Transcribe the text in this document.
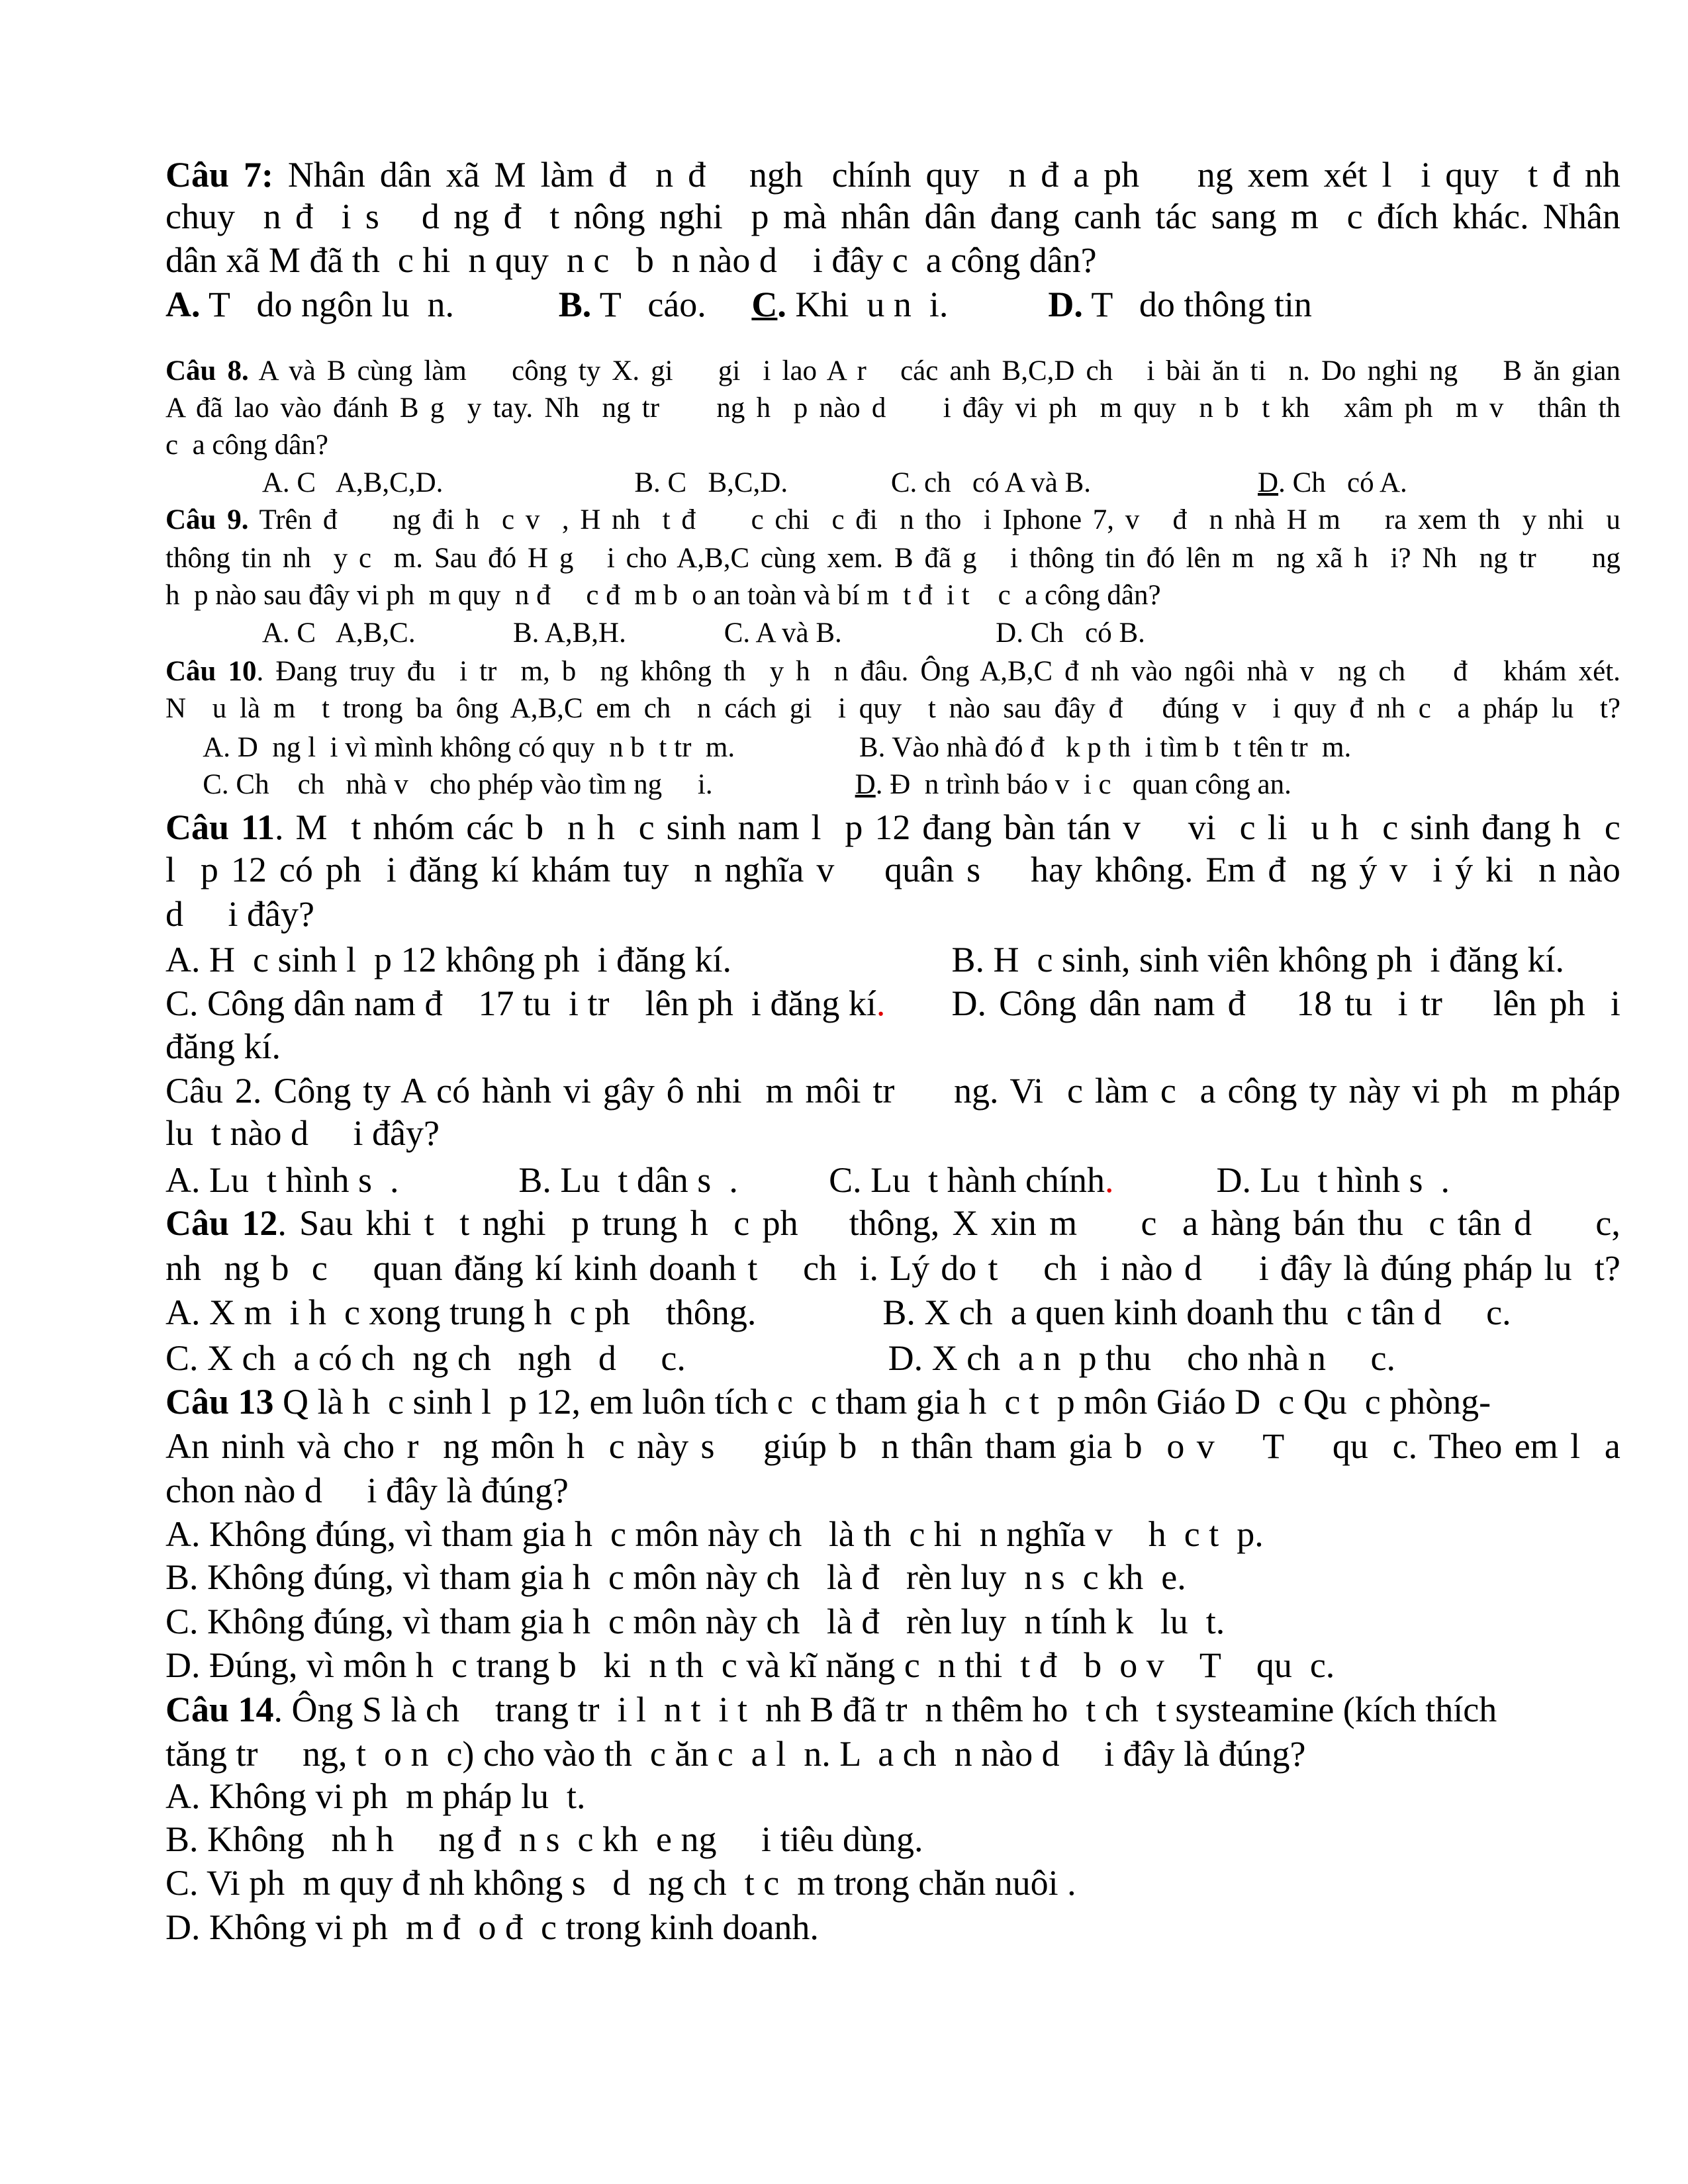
Câu 7: Nhân dân xã M làm đ  n đ   ngh  chính quy  n đ a ph    ng xem xét l  i quy  t đ nh
chuy  n đ  i s   d ng đ  t nông nghi  p mà nhân dân đang canh tác sang m  c đích khác. Nhân
dân xã M đã th  c hi  n quy  n c   b  n nào d    i đây c  a công dân?
A. T   do ngôn lu  n.	B. T   cáo. C. Khi  u n  i.	D. T   do thông tin
Câu 8. A và B cùng làm    công ty X. gi    gi  i lao A r   các anh B,C,D ch   i bài ăn ti  n. Do nghi ng    B ăn gian
A đã lao vào đánh B g  y tay. Nh  ng tr     ng h  p nào d     i đây vi ph  m quy  n b  t kh   xâm ph  m v   thân th
c  a công dân?
A. C   A,B,C,D.	B. C   B,C,D.	C. ch   có A và B.	D. Ch   có A.
Câu 9. Trên đ     ng đi h  c v  , H nh  t đ     c chi  c đi  n tho  i Iphone 7, v   đ  n nhà H m    ra xem th  y nhi  u
thông tin nh  y c  m. Sau đó H g   i cho A,B,C cùng xem. B đã g   i thông tin đó lên m  ng xã h  i? Nh  ng tr     ng
h  p nào sau đây vi ph  m quy  n đ     c đ  m b  o an toàn và bí m  t đ  i t    c  a công dân?
A. C   A,B,C.	B. A,B,H.	C. A và B.	D. Ch   có B.
Câu 10. Đang truy đu  i tr  m, b  ng không th  y h  n đâu. Ông A,B,C đ nh vào ngôi nhà v  ng ch    đ   khám xét.
N  u là m  t trong ba ông A,B,C em ch  n cách gi  i quy  t nào sau đây đ   đúng v  i quy đ nh c  a pháp lu  t?
A. D  ng l  i vì mình không có quy  n b  t tr  m.	B. Vào nhà đó đ   k p th  i tìm b  t tên tr  m.
C. Ch    ch   nhà v   cho phép vào tìm ng     i.	D. Đ  n trình báo v  i c   quan công an.
Câu 11. M  t nhóm các b  n h  c sinh nam l  p 12 đang bàn tán v    vi  c li  u h  c sinh đang h  c
l  p 12 có ph  i đăng kí khám tuy  n nghĩa v    quân s    hay không. Em đ  ng ý v  i ý ki  n nào
d     i đây?
A. H  c sinh l  p 12 không ph  i đăng kí.	B. H  c sinh, sinh viên không ph  i đăng kí.
C. Công dân nam đ    17 tu  i tr    lên ph  i đăng kí. D. Công dân nam đ    18 tu  i tr    lên ph  i
đăng kí.
Câu 2. Công ty A có hành vi gây ô nhi  m môi tr     ng. Vi  c làm c  a công ty này vi ph  m pháp
lu  t nào d     i đây?
A. Lu  t hình s  .	B. Lu  t dân s  .	C. Lu  t hành chính.	D. Lu  t hình s  .
Câu 12. Sau khi t  t nghi  p trung h  c ph    thông, X xin m     c  a hàng bán thu  c tân d     c,
nh  ng b  c    quan đăng kí kinh doanh t    ch  i. Lý do t    ch  i nào d     i đây là đúng pháp lu  t?
A. X m  i h  c xong trung h  c ph    thông.	B. X ch  a quen kinh doanh thu  c tân d     c.
C. X ch  a có ch  ng ch   ngh   d     c.	D. X ch  a n  p thu    cho nhà n     c.
Câu 13 Q là h  c sinh l  p 12, em luôn tích c  c tham gia h  c t  p môn Giáo D  c Qu  c phòng-
An ninh và cho r  ng môn h  c này s    giúp b  n thân tham gia b  o v    T    qu  c. Theo em l  a
chon nào d     i đây là đúng?
A. Không đúng, vì tham gia h  c môn này ch   là th  c hi  n nghĩa v    h  c t  p.
B. Không đúng, vì tham gia h  c môn này ch   là đ   rèn luy  n s  c kh  e.
C. Không đúng, vì tham gia h  c môn này ch   là đ   rèn luy  n tính k   lu  t.
D. Đúng, vì môn h  c trang b   ki  n th  c và kĩ năng c  n thi  t đ   b  o v    T    qu  c.
Câu 14. Ông S là ch    trang tr  i l  n t  i t  nh B đã tr  n thêm ho  t ch  t systeamine (kích thích
tăng tr     ng, t  o n  c) cho vào th  c ăn c  a l  n. L  a ch  n nào d     i đây là đúng?
A. Không vi ph  m pháp lu  t.
B. Không   nh h     ng đ  n s  c kh  e ng     i tiêu dùng.
C. Vi ph  m quy đ nh không s   d  ng ch  t c  m trong chăn nuôi .
D. Không vi ph  m đ  o đ  c trong kinh doanh.
